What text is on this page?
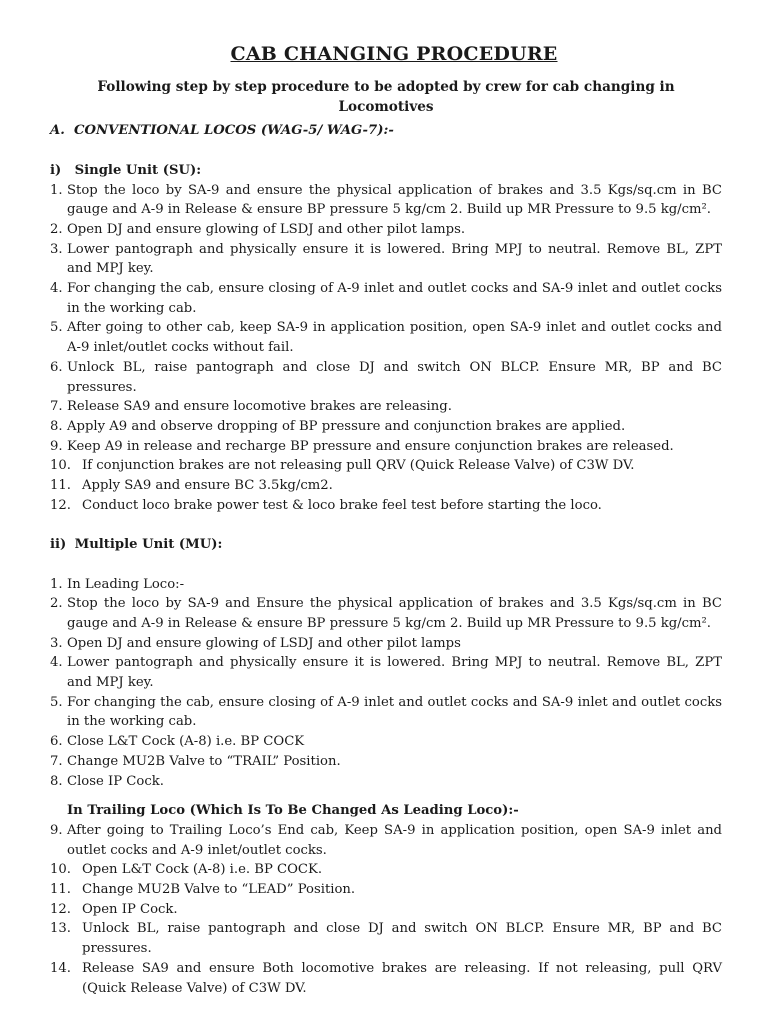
CAB CHANGING PROCEDURE
Following step by step procedure to be adopted by crew for cab changing in Locomotives
A. CONVENTIONAL LOCOS (WAG-5/ WAG-7):-
i) Single Unit (SU):
1. Stop the loco by SA-9 and ensure the physical application of brakes and 3.5 Kgs/sq.cm in BC gauge and A-9 in Release & ensure BP pressure 5 kg/cm 2. Build up MR Pressure to 9.5 kg/cm².
2. Open DJ and ensure glowing of LSDJ and other pilot lamps.
3. Lower pantograph and physically ensure it is lowered. Bring MPJ to neutral. Remove BL, ZPT and MPJ key.
4. For changing the cab, ensure closing of A-9 inlet and outlet cocks and SA-9 inlet and outlet cocks in the working cab.
5. After going to other cab, keep SA-9 in application position, open SA-9 inlet and outlet cocks and A-9 inlet/outlet cocks without fail.
6. Unlock BL, raise pantograph and close DJ and switch ON BLCP. Ensure MR, BP and BC pressures.
7. Release SA9 and ensure locomotive brakes are releasing.
8. Apply A9 and observe dropping of BP pressure and conjunction brakes are applied.
9. Keep A9 in release and recharge BP pressure and ensure conjunction brakes are released.
10. If conjunction brakes are not releasing pull QRV (Quick Release Valve) of C3W DV.
11. Apply SA9 and ensure BC 3.5kg/cm2.
12. Conduct loco brake power test & loco brake feel test before starting the loco.
ii) Multiple Unit (MU):
1. In Leading Loco:-
2. Stop the loco by SA-9 and Ensure the physical application of brakes and 3.5 Kgs/sq.cm in BC gauge and A-9 in Release & ensure BP pressure 5 kg/cm 2. Build up MR Pressure to 9.5 kg/cm².
3. Open DJ and ensure glowing of LSDJ and other pilot lamps
4. Lower pantograph and physically ensure it is lowered. Bring MPJ to neutral. Remove BL, ZPT and MPJ key.
5. For changing the cab, ensure closing of A-9 inlet and outlet cocks and SA-9 inlet and outlet cocks in the working cab.
6. Close L&T Cock (A-8) i.e. BP COCK
7. Change MU2B Valve to “TRAIL” Position.
8. Close IP Cock.
In Trailing Loco (Which Is To Be Changed As Leading Loco):-
9. After going to Trailing Loco’s End cab, Keep SA-9 in application position, open SA-9 inlet and outlet cocks and A-9 inlet/outlet cocks.
10. Open L&T Cock (A-8) i.e. BP COCK.
11. Change MU2B Valve to “LEAD” Position.
12. Open IP Cock.
13. Unlock BL, raise pantograph and close DJ and switch ON BLCP. Ensure MR, BP and BC pressures.
14. Release SA9 and ensure Both locomotive brakes are releasing. If not releasing, pull QRV (Quick Release Valve) of C3W DV.
